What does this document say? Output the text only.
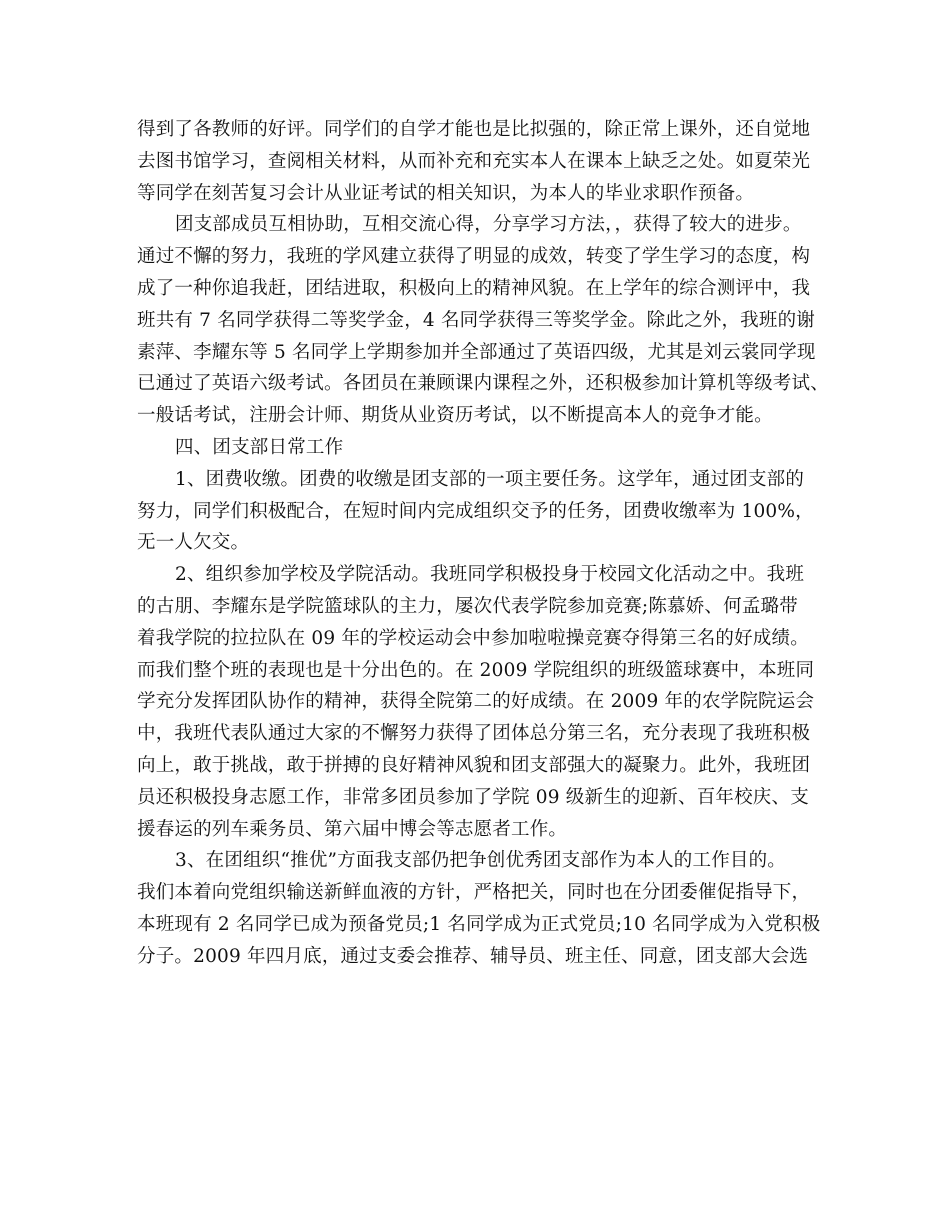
得到了各教师的好评。同学们的自学才能也是比拟强的，除正常上课外，还自觉地
去图书馆学习，查阅相关材料，从而补充和充实本人在课本上缺乏之处。如夏荣光
等同学在刻苦复习会计从业证考试的相关知识，为本人的毕业求职作预备。
团支部成员互相协助，互相交流心得，分享学习方法，，获得了较大的进步。
通过不懈的努力，我班的学风建立获得了明显的成效，转变了学生学习的态度，构
成了一种你追我赶，团结进取，积极向上的精神风貌。在上学年的综合测评中，我
班共有 7 名同学获得二等奖学金，4 名同学获得三等奖学金。除此之外，我班的谢
素萍、李耀东等 5 名同学上学期参加并全部通过了英语四级，尤其是刘云裳同学现
已通过了英语六级考试。各团员在兼顾课内课程之外，还积极参加计算机等级考试、
一般话考试，注册会计师、期货从业资历考试，以不断提高本人的竞争才能。
四、团支部日常工作
1、团费收缴。团费的收缴是团支部的一项主要任务。这学年，通过团支部的
努力，同学们积极配合，在短时间内完成组织交予的任务，团费收缴率为 100%，
无一人欠交。
2、组织参加学校及学院活动。我班同学积极投身于校园文化活动之中。我班
的古朋、李耀东是学院篮球队的主力，屡次代表学院参加竞赛;陈慕娇、何孟璐带
着我学院的拉拉队在 09 年的学校运动会中参加啦啦操竞赛夺得第三名的好成绩。
而我们整个班的表现也是十分出色的。在 2009 学院组织的班级篮球赛中，本班同
学充分发挥团队协作的精神，获得全院第二的好成绩。在 2009 年的农学院院运会
中，我班代表队通过大家的不懈努力获得了团体总分第三名，充分表现了我班积极
向上，敢于挑战，敢于拼搏的良好精神风貌和团支部强大的凝聚力。此外，我班团
员还积极投身志愿工作，非常多团员参加了学院 09 级新生的迎新、百年校庆、支
援春运的列车乘务员、第六届中博会等志愿者工作。
3、在团组织“推优”方面我支部仍把争创优秀团支部作为本人的工作目的。
我们本着向党组织输送新鲜血液的方针，严格把关，同时也在分团委催促指导下，
本班现有 2 名同学已成为预备党员;1 名同学成为正式党员;10 名同学成为入党积极
分子。2009 年四月底，通过支委会推荐、辅导员、班主任、同意，团支部大会选
